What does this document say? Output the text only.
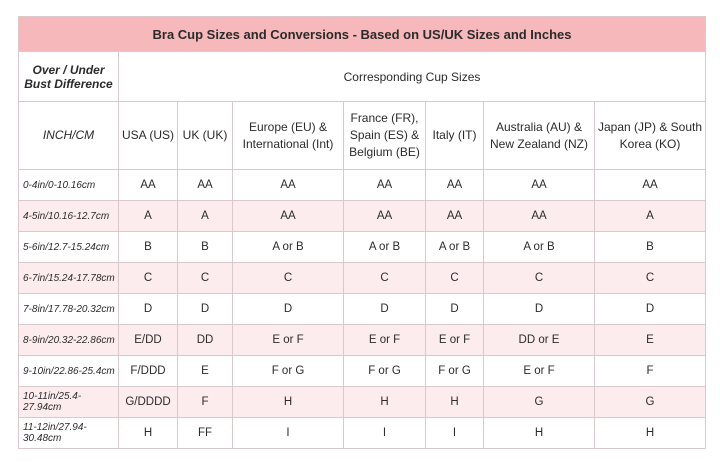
Bra Cup Sizes and Conversions - Based on US/UK Sizes and Inches							

Over / Under
Bust Difference	Corresponding Cup Sizes						
INCH/CM	USA (US)	UK (UK)	Europe (EU) & International (Int)	France (FR), Spain (ES) & Belgium (BE)	Italy (IT)	Australia (AU) & New Zealand (NZ)	Japan (JP) & South Korea (KO)
0-4in/0-10.16cm	AA	AA	AA	AA	AA	AA	AA
4-5in/10.16-12.7cm	A	A	AA	AA	AA	AA	A
5-6in/12.7-15.24cm	B	B	A or B	A or B	A or B	A or B	B
6-7in/15.24-17.78cm	C	C	C	C	C	C	C
7-8in/17.78-20.32cm	D	D	D	D	D	D	D
8-9in/20.32-22.86cm	E/DD	DD	E or F	E or F	E or F	DD or E	E
9-10in/22.86-25.4cm	F/DDD	E	F or G	F or G	F or G	E or F	F
10-11in/25.4-27.94cm	G/DDDD	F	H	H	H	G	G
11-12in/27.94-30.48cm	H	FF	I	I	I	H	H
